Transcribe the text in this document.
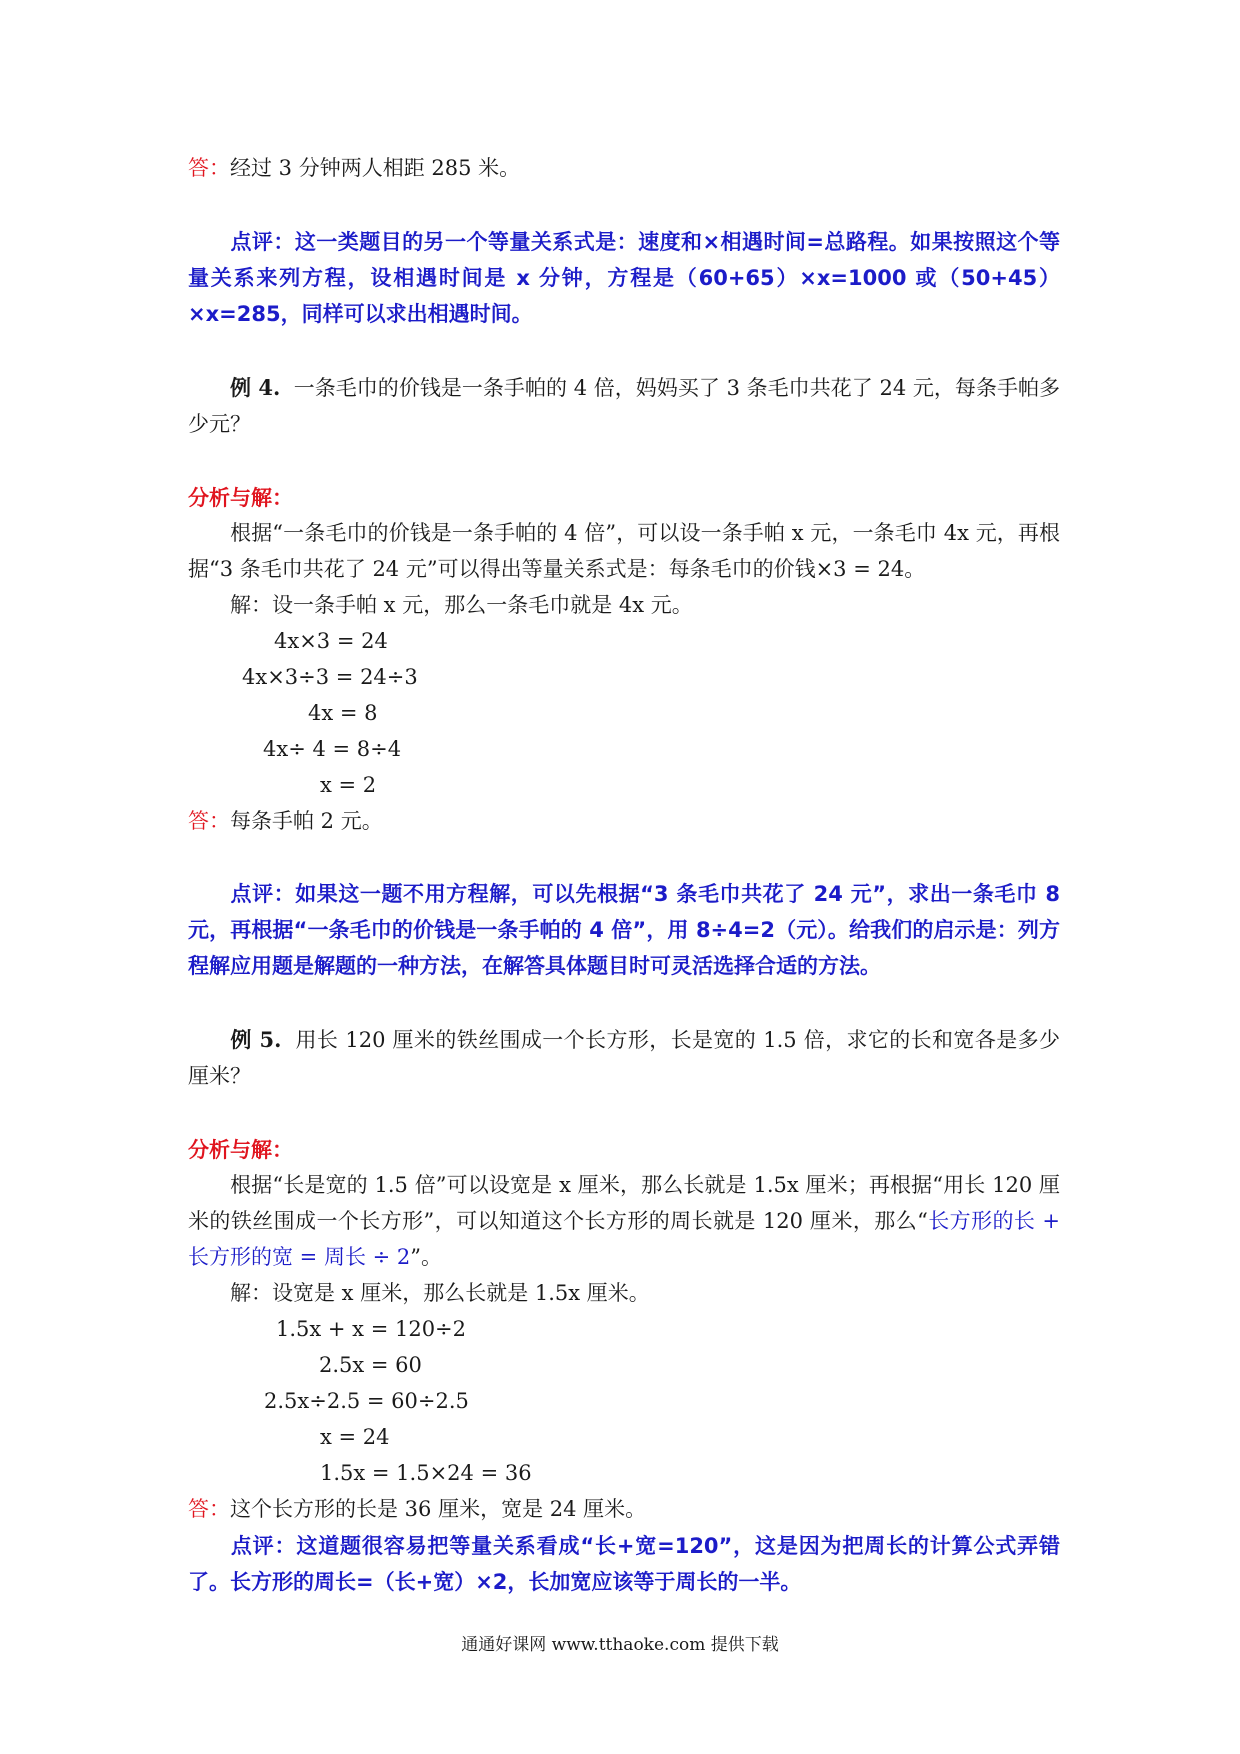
答：经过 3 分钟两人相距 285 米。
点评：这一类题目的另一个等量关系式是：速度和×相遇时间=总路程。如果按照这个等量关系来列方程，设相遇时间是 x 分钟，方程是（60+65）×x=1000 或（50+45）×x=285，同样可以求出相遇时间。
例 4. 一条毛巾的价钱是一条手帕的 4 倍，妈妈买了 3 条毛巾共花了 24 元，每条手帕多少元？
分析与解：
根据“一条毛巾的价钱是一条手帕的 4 倍”，可以设一条手帕 x 元，一条毛巾 4x 元，再根据“3 条毛巾共花了 24 元”可以得出等量关系式是：每条毛巾的价钱×3 = 24。
解：设一条手帕 x 元，那么一条毛巾就是 4x 元。
4x×3 = 24
4x×3÷3 = 24÷3
4x = 8
4x÷ 4 = 8÷4
x = 2
答：每条手帕 2 元。
点评：如果这一题不用方程解，可以先根据“3 条毛巾共花了 24 元”，求出一条毛巾 8 元，再根据“一条毛巾的价钱是一条手帕的 4 倍”，用 8÷4=2（元）。给我们的启示是：列方程解应用题是解题的一种方法，在解答具体题目时可灵活选择合适的方法。
例 5. 用长 120 厘米的铁丝围成一个长方形，长是宽的 1.5 倍，求它的长和宽各是多少厘米？
分析与解：
根据“长是宽的 1.5 倍”可以设宽是 x 厘米，那么长就是 1.5x 厘米；再根据“用长 120 厘米的铁丝围成一个长方形”，可以知道这个长方形的周长就是 120 厘米，那么“长方形的长 + 长方形的宽 = 周长 ÷ 2”。
解：设宽是 x 厘米，那么长就是 1.5x 厘米。
1.5x + x = 120÷2
2.5x = 60
2.5x÷2.5 = 60÷2.5
x = 24
1.5x = 1.5×24 = 36
答：这个长方形的长是 36 厘米，宽是 24 厘米。
点评：这道题很容易把等量关系看成“长+宽=120”，这是因为把周长的计算公式弄错了。长方形的周长=（长+宽）×2，长加宽应该等于周长的一半。
通通好课网 www.tthaoke.com 提供下载
